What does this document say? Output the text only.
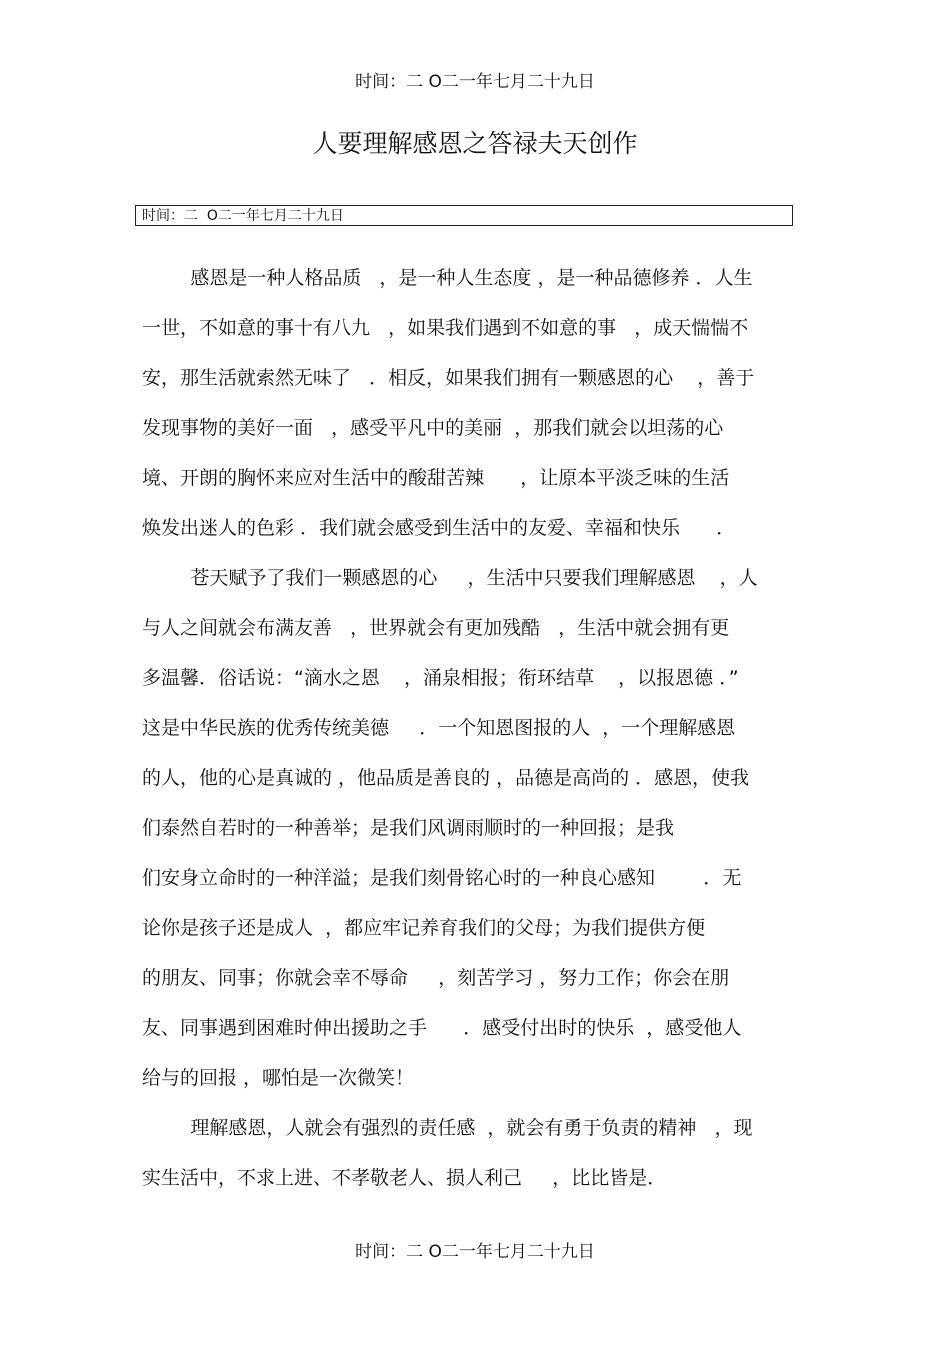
时间：二 O二一年七月二十九日
人要理解感恩之答禄夫天创作
时间：二  O二一年七月二十九日
感恩是一种人格品质   ，是一种人生态度 ，是一种品德修养 ．人生
一世，不如意的事十有八九   ，如果我们遇到不如意的事   ，成天惴惴不
安，那生活就索然无味了   ．相反，如果我们拥有一颗感恩的心    ，善于
发现事物的美好一面   ，感受平凡中的美丽  ，那我们就会以坦荡的心
境、开朗的胸怀来应对生活中的酸甜苦辣      ，让原本平淡乏味的生活
焕发出迷人的色彩 ．我们就会感受到生活中的友爱、幸福和快乐      ．
苍天赋予了我们一颗感恩的心     ，生活中只要我们理解感恩    ，人
与人之间就会布满友善   ，世界就会有更加残酷   ，生活中就会拥有更
多温馨．俗话说：“滴水之恩    ，涌泉相报；衔环结草    ，以报恩德 ．”
这是中华民族的优秀传统美德     ．一个知恩图报的人  ，一个理解感恩
的人，他的心是真诚的 ，他品质是善良的 ，品德是高尚的 ．感恩，使我
们泰然自若时的一种善举；是我们风调雨顺时的一种回报；是我
们安身立命时的一种洋溢；是我们刻骨铭心时的一种良心感知        ．无
论你是孩子还是成人  ，都应牢记养育我们的父母；为我们提供方便
的朋友、同事；你就会幸不辱命     ，刻苦学习 ，努力工作；你会在朋
友、同事遇到困难时伸出援助之手      ．感受付出时的快乐  ，感受他人
给与的回报 ，哪怕是一次微笑！
理解感恩，人就会有强烈的责任感  ，就会有勇于负责的精神   ，现
实生活中，不求上进、不孝敬老人、损人利己     ，比比皆是．
时间：二 O二一年七月二十九日
